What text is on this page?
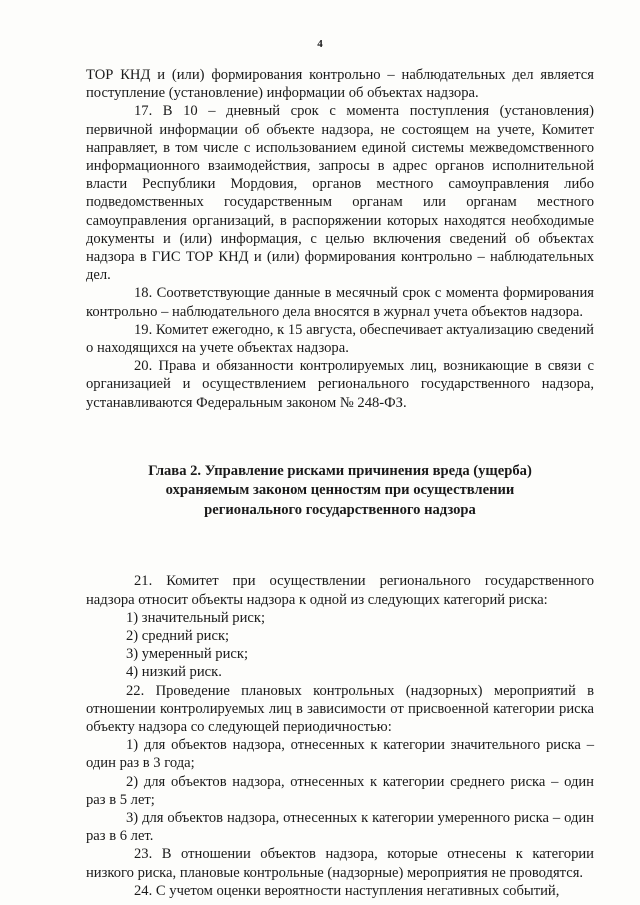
4

ТОР КНД и (или) формирования контрольно – наблюдательных дел является поступление (установление) информации об объектах надзора.

17. В 10 – дневный срок с момента поступления (установления) первичной информации об объекте надзора, не состоящем на учете, Комитет направляет, в том числе с использованием единой системы межведомственного информационного взаимодействия, запросы в адрес органов исполнительной власти Республики Мордовия, органов местного самоуправления либо подведомственных государственным органам или органам местного самоуправления организаций, в распоряжении которых находятся необходимые документы и (или) информация, с целью включения сведений об объектах надзора в ГИС ТОР КНД и (или) формирования контрольно – наблюдательных дел.

18. Соответствующие данные в месячный срок с момента формирования контрольно – наблюдательного дела вносятся в журнал учета объектов надзора.

19. Комитет ежегодно, к 15 августа, обеспечивает актуализацию сведений о находящихся на учете объектах надзора.

20. Права и обязанности контролируемых лиц, возникающие в связи с организацией и осуществлением регионального государственного надзора, устанавливаются Федеральным законом № 248-ФЗ.

Глава 2. Управление рисками причинения вреда (ущерба)
охраняемым законом ценностям при осуществлении
регионального государственного надзора

21. Комитет при осуществлении регионального государственного надзора относит объекты надзора к одной из следующих категорий риска:

1) значительный риск;

2) средний риск;

3) умеренный риск;

4) низкий риск.

22. Проведение плановых контрольных (надзорных) мероприятий в отношении контролируемых лиц в зависимости от присвоенной категории риска объекту надзора со следующей периодичностью:

1) для объектов надзора, отнесенных к категории значительного риска – один раз в 3 года;

2) для объектов надзора, отнесенных к категории среднего риска – один раз в 5 лет;

3) для объектов надзора, отнесенных к категории умеренного риска – один раз в 6 лет.

23. В отношении объектов надзора, которые отнесены к категории низкого риска, плановые контрольные (надзорные) мероприятия не проводятся.

24. С учетом оценки вероятности наступления негативных событий,
